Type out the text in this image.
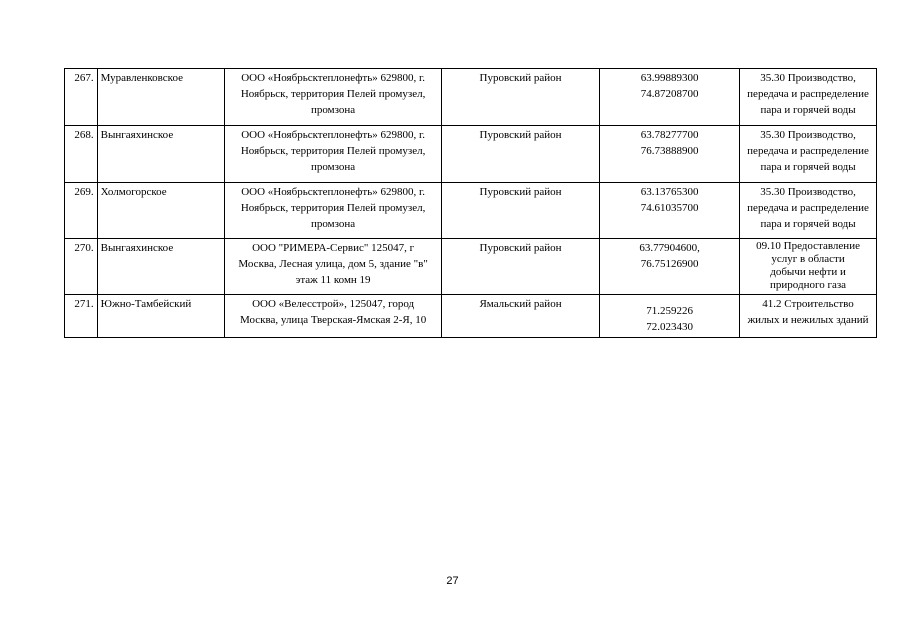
267.	Муравленковское	ООО «Ноябрьсктеплонефть» 629800, г.
Ноябрьск, территория Пелей промузел,
промзона	Пуровский район	63.99889300
74.87208700	35.30 Производство,
передача и распределение
пара и горячей воды

268.	Вынгаяхинское	ООО «Ноябрьсктеплонефть» 629800, г.
Ноябрьск, территория Пелей промузел,
промзона	Пуровский район	63.78277700
76.73888900	35.30 Производство,
передача и распределение
пара и горячей воды

269.	Холмогорское	ООО «Ноябрьсктеплонефть» 629800, г.
Ноябрьск, территория Пелей промузел,
промзона	Пуровский район	63.13765300
74.61035700	35.30 Производство,
передача и распределение
пара и горячей воды

270.	Вынгаяхинское	ООО "РИМЕРА-Сервис" 125047, г
Москва, Лесная улица, дом 5, здание "в"
этаж 11 комн 19	Пуровский район	63.77904600,
76.75126900	09.10 Предоставление
услуг в области
добычи нефти и
природного газа

271.	Южно-Тамбейский	ООО «Велесстрой», 125047, город
Москва, улица Тверская-Ямская 2-Я, 10	Ямальский район	71.259226
72.023430	41.2 Строительство
жилых и нежилых зданий
27
